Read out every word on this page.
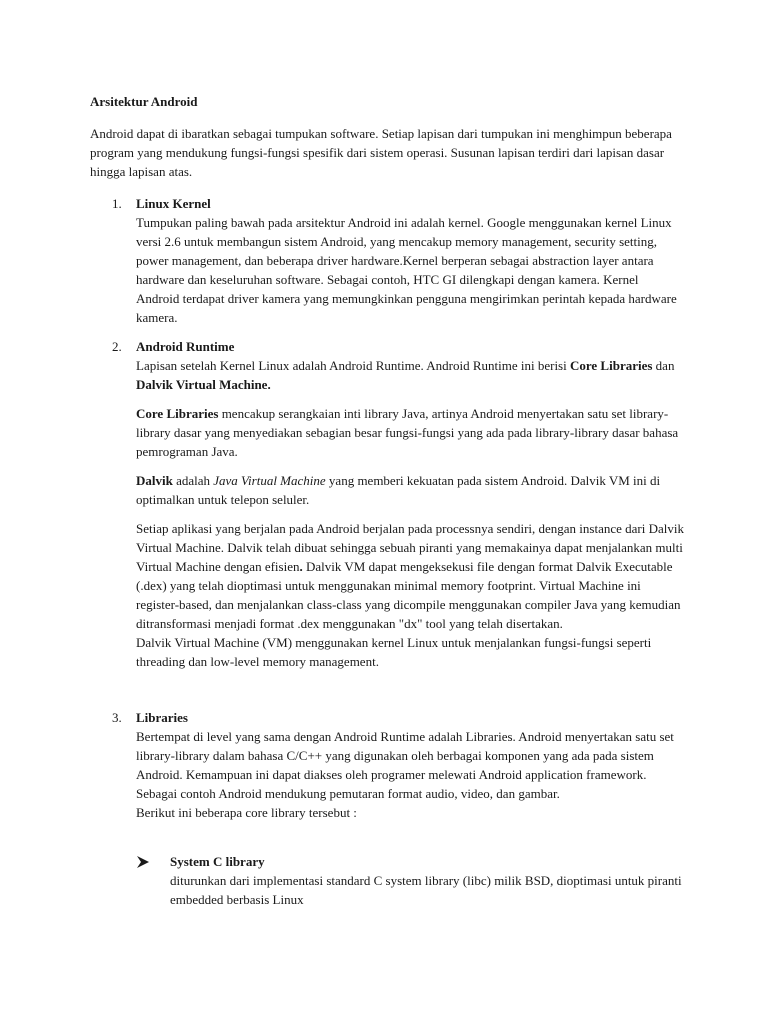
Arsitektur Android

Android dapat di ibaratkan sebagai tumpukan software. Setiap lapisan dari tumpukan ini menghimpun beberapa program yang mendukung fungsi-fungsi spesifik dari sistem operasi. Susunan lapisan terdiri dari lapisan dasar hingga lapisan atas.

1.	Linux Kernel

Tumpukan paling bawah pada arsitektur Android ini adalah kernel. Google menggunakan kernel Linux versi 2.6 untuk membangun sistem Android, yang mencakup memory management, security setting, power management, dan beberapa driver hardware.Kernel berperan sebagai abstraction layer antara hardware dan keseluruhan software. Sebagai contoh, HTC GI dilengkapi dengan kamera. Kernel Android terdapat driver kamera yang memungkinkan pengguna mengirimkan perintah kepada hardware kamera.

2.	Android Runtime

Lapisan setelah Kernel Linux adalah Android Runtime. Android Runtime ini berisi Core Libraries dan Dalvik Virtual Machine.

Core Libraries mencakup serangkaian inti library Java, artinya Android menyertakan satu set library-library dasar yang menyediakan sebagian besar fungsi-fungsi yang ada pada library-library dasar bahasa pemrograman Java.

Dalvik adalah Java Virtual Machine yang memberi kekuatan pada sistem Android. Dalvik VM ini di optimalkan untuk telepon seluler.

Setiap aplikasi yang berjalan pada Android berjalan pada processnya sendiri, dengan instance dari Dalvik Virtual Machine. Dalvik telah dibuat sehingga sebuah piranti yang memakainya dapat menjalankan multi Virtual Machine dengan efisien. Dalvik VM dapat mengeksekusi file dengan format Dalvik Executable (.dex) yang telah dioptimasi untuk menggunakan minimal memory footprint. Virtual Machine ini register-based, dan menjalankan class-class yang dicompile menggunakan compiler Java yang kemudian ditransformasi menjadi format .dex menggunakan "dx" tool yang telah disertakan.

Dalvik Virtual Machine (VM) menggunakan kernel Linux untuk menjalankan fungsi-fungsi seperti threading dan low-level memory management.

3.	Libraries

Bertempat di level yang sama dengan Android Runtime adalah Libraries. Android menyertakan satu set library-library dalam bahasa C/C++ yang digunakan oleh berbagai komponen yang ada pada sistem Android. Kemampuan ini dapat diakses oleh programer melewati Android application framework. Sebagai contoh Android mendukung pemutaran format audio, video, dan gambar.

Berikut ini beberapa core library tersebut :

System C library

diturunkan dari implementasi standard C system library (libc) milik BSD, dioptimasi untuk piranti embedded berbasis Linux
